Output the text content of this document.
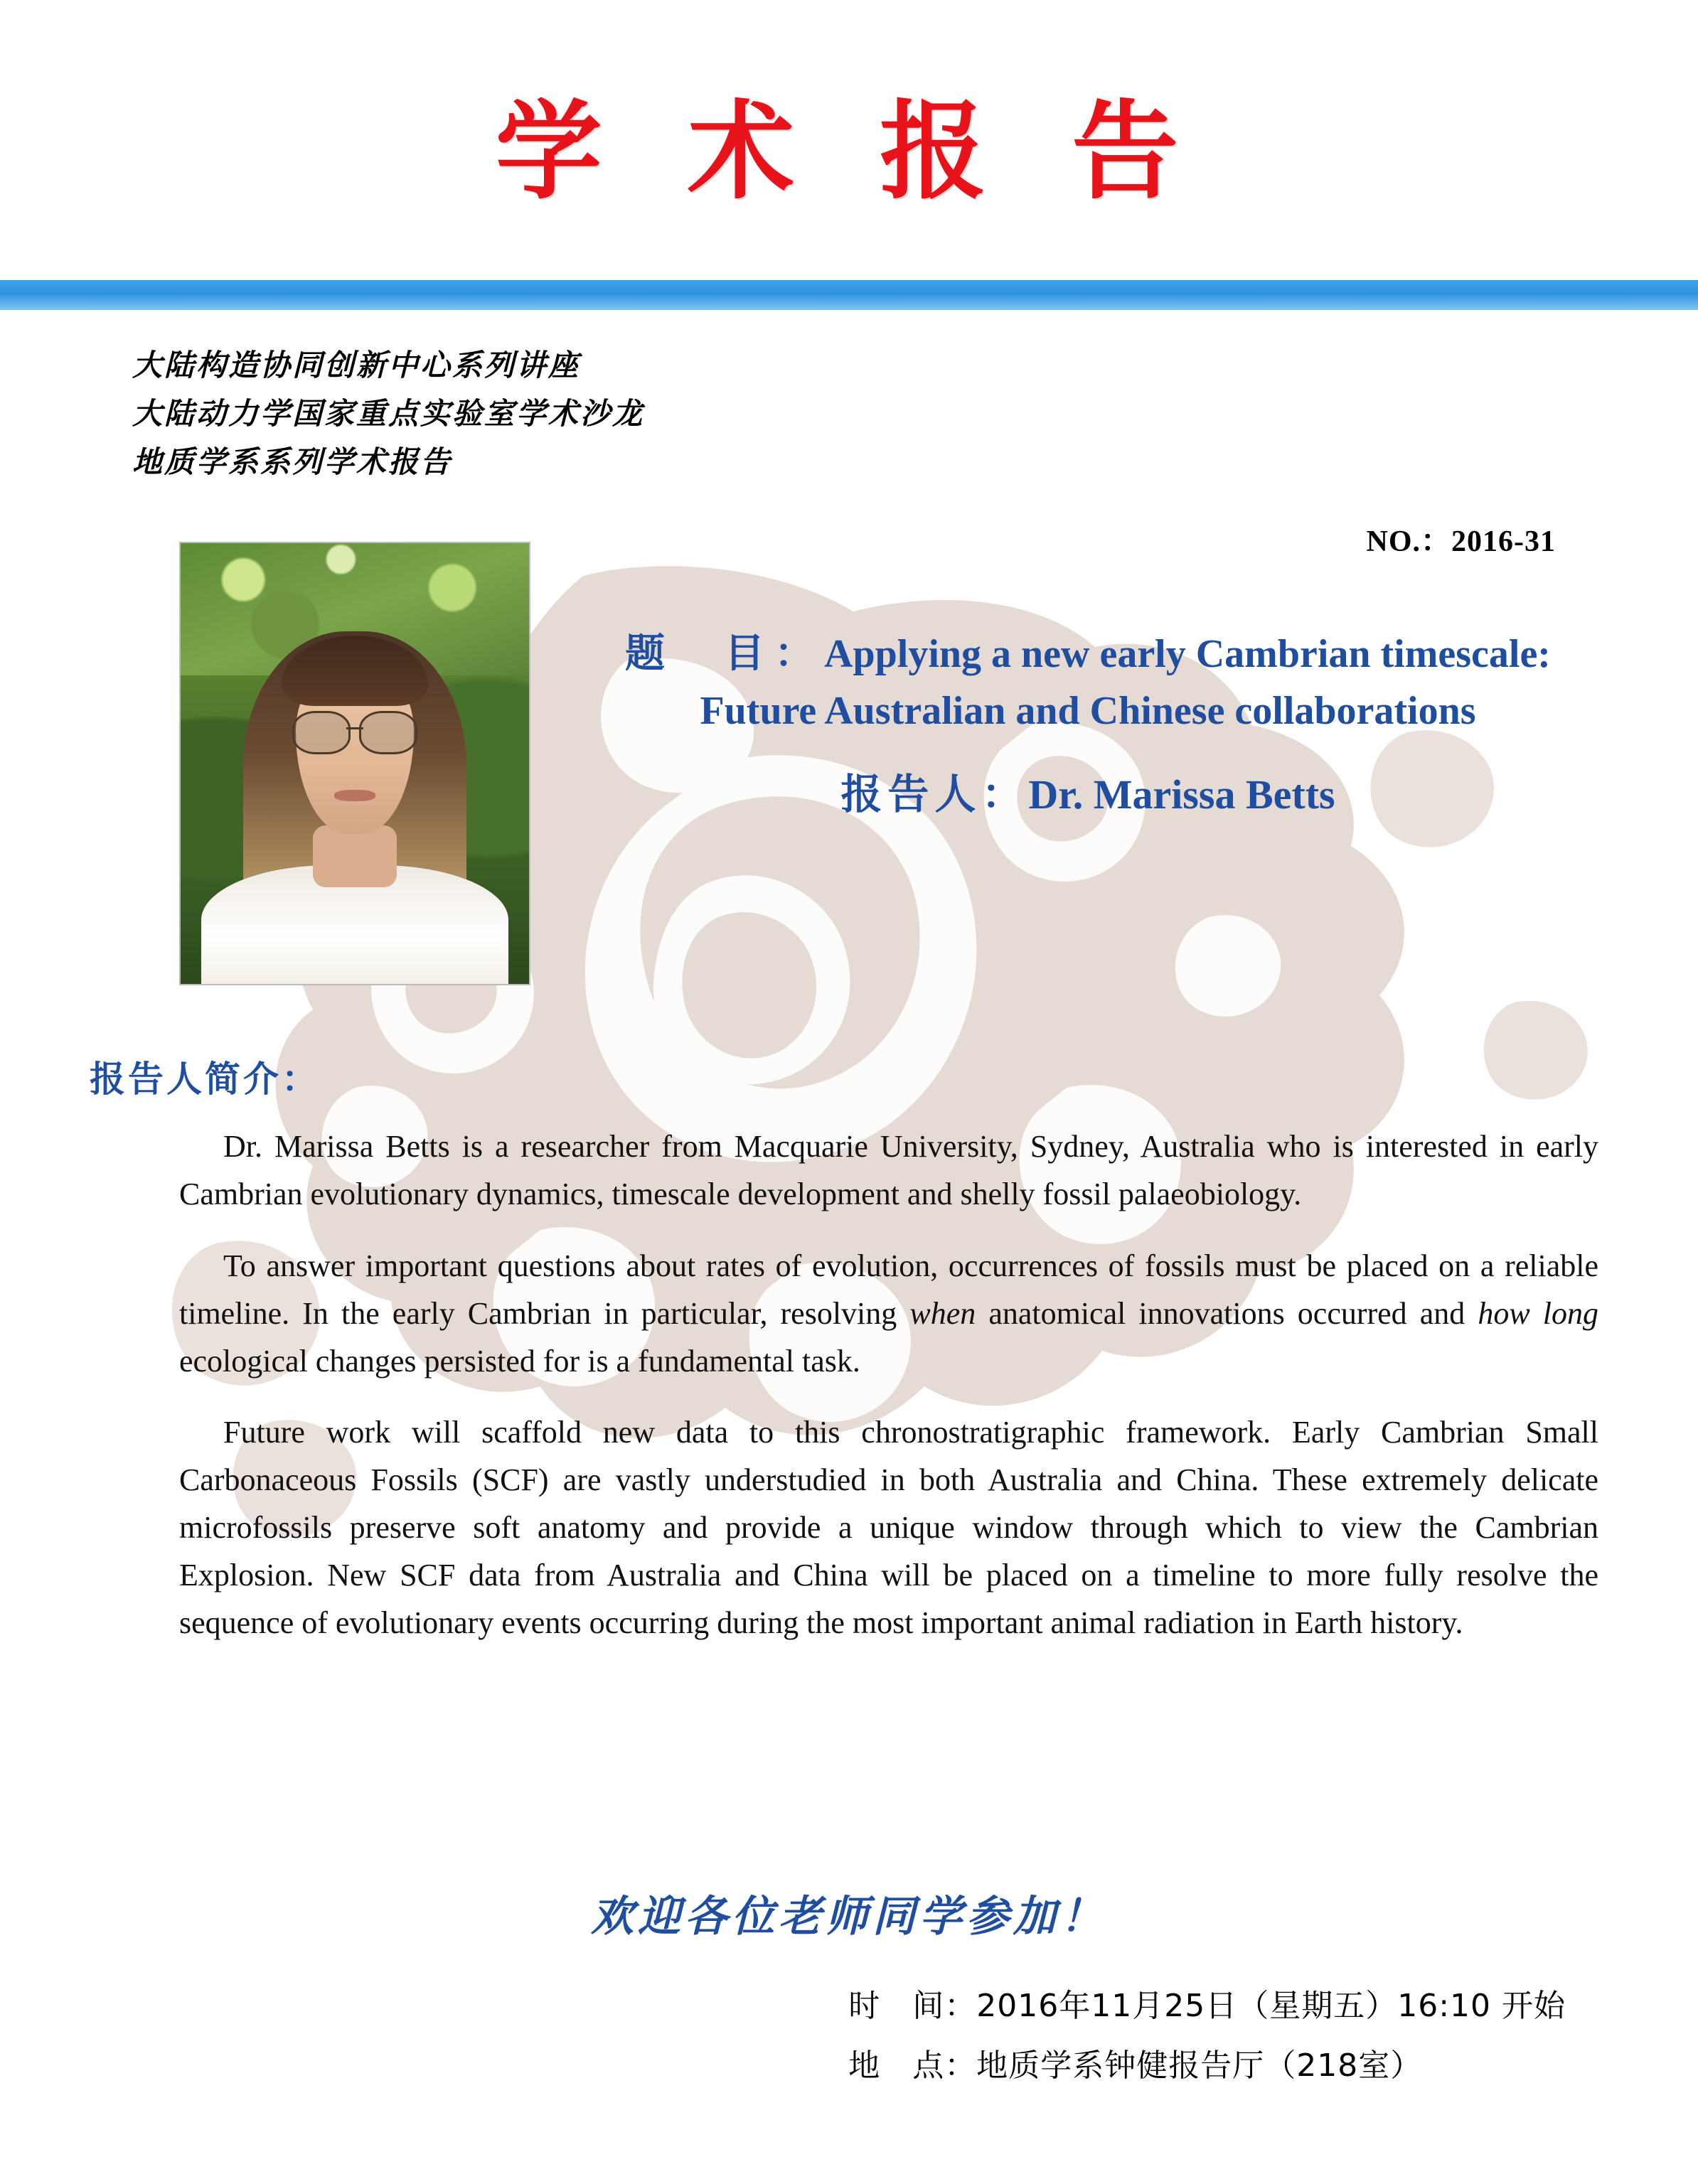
学 术 报 告
大陆构造协同创新中心系列讲座
大陆动力学国家重点实验室学术沙龙
地质学系系列学术报告
NO.：2016-31
题　目：Applying a new early Cambrian timescale: Future Australian and Chinese collaborations
报告人：Dr. Marissa Betts
报告人简介：

Dr. Marissa Betts is a researcher from Macquarie University, Sydney, Australia who is interested in early Cambrian evolutionary dynamics, timescale development and shelly fossil palaeobiology.

To answer important questions about rates of evolution, occurrences of fossils must be placed on a reliable timeline. In the early Cambrian in particular, resolving when anatomical innovations occurred and how long ecological changes persisted for is a fundamental task.

Future work will scaffold new data to this chronostratigraphic framework. Early Cambrian Small Carbonaceous Fossils (SCF) are vastly understudied in both Australia and China. These extremely delicate microfossils preserve soft anatomy and provide a unique window through which to view the Cambrian Explosion. New SCF data from Australia and China will be placed on a timeline to more fully resolve the sequence of evolutionary events occurring during the most important animal radiation in Earth history.

欢迎各位老师同学参加！
时　间：2016年11月25日（星期五）16:10 开始
地　点：地质学系钟健报告厅（218室）
